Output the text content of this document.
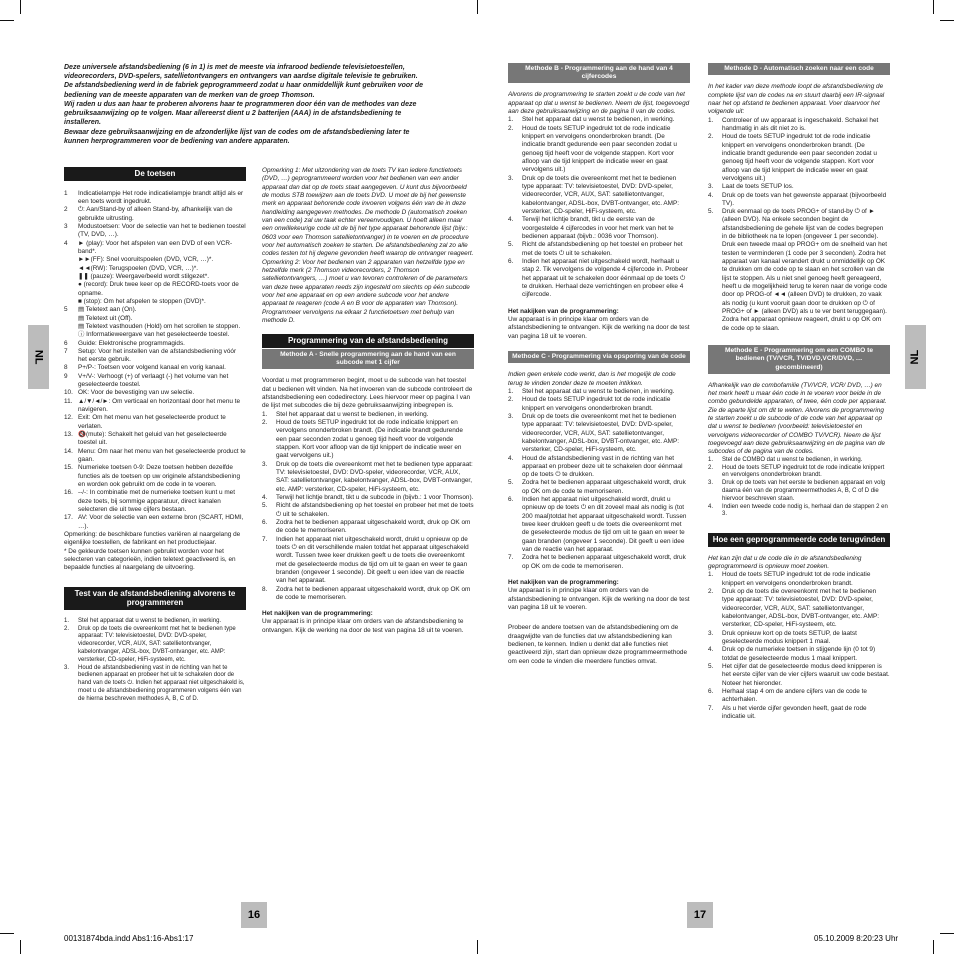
Deze universele afstandsbediening (6 in 1) is met de meeste via infrarood bediende televisietoestellen, videorecorders, DVD-spelers, satellietontvangers en ontvangers van aardse digitale televisie te gebruiken.

De afstandsbediening werd in de fabriek geprogrammeerd zodat u haar onmiddellijk kunt gebruiken voor de bediening van de meeste apparaten van de merken van de groep Thomson.

Wij raden u dus aan haar te proberen alvorens haar te programmeren door één van de methodes van deze gebruiksaanwijzing op te volgen. Maar allereerst dient u 2 batterijen (AAA) in de afstandsbediening te installeren.

Bewaar deze gebruiksaanwijzing en de afzonderlijke lijst van de codes om de afstandsbediening later te kunnen herprogrammeren voor de bediening van andere apparaten.

NL	NL
De toetsen
1	Indicatielampje Het rode indicatielampje brandt altijd als er een toets wordt ingedrukt.
2	⏻: Aan/Stand-by of alleen Stand-by, afhankelijk van de gebruikte uitrusting.
3	Modustoetsen: Voor de selectie van het te bedienen toestel (TV, DVD, …).
4	► (play): Voor het afspelen van een DVD of een VCR-band*.
►►(FF): Snel vooruitspoelen (DVD, VCR, …)*.
◄◄(RW): Terugspoelen (DVD, VCR, …)*.
❚❚ (pauze): Weergave/beeld wordt stilgezet*.
● (record): Druk twee keer op de RECORD-toets voor de opname.
■ (stop): Om het afspelen te stoppen (DVD)*.
5	▤ Teletext aan (On).
▤ Teletext uit (Off).
▤ Teletext vasthouden (Hold) om het scrollen te stoppen.
ⓘ Informatieweergave van het geselecteerde toestel.
6	Guide: Elektronische programmagids.
7	Setup: Voor het instellen van de afstandsbediening vóór het eerste gebruik.
8	P+/P-: Toetsen voor volgend kanaal en vorig kanaal.
9	V+/V-: Verhoogt (+) of verlaagt (-) het volume van het geselecteerde toestel.
10. OK: Voor de bevestiging van uw selectie.
11. ▲/▼/◄/►: Om verticaal en horizontaal door het menu te navigeren.
12. Exit: Om het menu van het geselecteerde product te verlaten.
13. 🔇(mute): Schakelt het geluid van het geselecteerde toestel uit.
14. Menu: Om naar het menu van het geselecteerde product te gaan.
15. Numerieke toetsen 0-9: Deze toetsen hebben dezelfde functies als de toetsen op uw originele afstandsbediening en worden ook gebruikt om de code in te voeren.
16. --/-: In combinatie met de numerieke toetsen kunt u met deze toets, bij sommige apparatuur, direct kanalen selecteren die uit twee cijfers bestaan.
17. AV: Voor de selectie van een externe bron (SCART, HDMI, …).
Opmerking: de beschikbare functies variëren al naargelang de eigenlijke toestellen, de fabrikant en het productiejaar.
* De gekleurde toetsen kunnen gebruikt worden voor het selecteren van categorieën, indien teletext geactiveerd is, en bepaalde functies al naargelang de uitvoering.
Test van de afstandsbediening alvorens te programmeren
1.	Stel het apparaat dat u wenst te bedienen, in werking.
2.	Druk op de toets die overeenkomt met het te bedienen type apparaat: TV: televisietoestel, DVD: DVD-speler, videorecorder, VCR, AUX, SAT: satellietontvanger, kabelontvanger, ADSL-box, DVBT-ontvanger, etc. AMP: versterker, CD-speler, HiFi-systeem, etc.
3.	Houd de afstandsbediening vast in de richting van het te bedienen apparaat en probeer het uit te schakelen door de hand van de toets ⏻. Indien het apparaat niet uitgeschakeld is, moet u de afstandsbediening programmeren volgens één van de hierna beschreven methodes A, B, C of D.
Opmerking 1: Met uitzondering van de toets TV kan iedere functietoets (DVD, …) geprogrammeerd worden voor het bedienen van een ander apparaat dan dat op de toets staat aangegeven. U kunt dus bijvoorbeeld de modus STB toewijzen aan de toets DVD. U moet de bij het gewenste merk en apparaat behorende code invoeren volgens één van de in deze handleiding aangegeven methodes. De methode D (automatisch zoeken van een code) zal uw taak echter vereenvoudigen. U hoeft alleen maar een onwillekeurige code uit de bij het type apparaat behorende lijst (bijv.: 0603 voor een Thomson satellietontvanger) in te voeren en de procedure voor het automatisch zoeken te starten. De afstandsbediening zal zo alle codes testen tot hij degene gevonden heeft waarop de ontvanger reageert.
Opmerking 2: Voor het bedienen van 2 apparaten van hetzelfde type en hetzelfde merk (2 Thomson videorecorders, 2 Thomson satellietontvangers, …) moet u van tevoren controleren of de parameters van deze twee apparaten reeds zijn ingesteld om slechts op één subcode voor het ene apparaat en op een andere subcode voor het andere apparaat te reageren (code A en B voor de apparaten van Thomson). Programmeer vervolgens na elkaar 2 functietoetsen met behulp van methode D.
Programmering van de afstandsbediening
Methode A - Snelle programmering aan de hand van een subcode met 1 cijfer
Voordat u met programmeren begint, moet u de subcode van het toestel dat u bedienen wilt vinden. Na het invoeren van de subcode controleert de afstandsbediening een codedirectory. Lees hiervoor meer op pagina I van de lijst met subcodes die bij deze gebruiksaanwijzing inbegrepen is.
1.	Stel het apparaat dat u wenst te bedienen, in werking.
2.	Houd de toets SETUP ingedrukt tot de rode indicatie knippert en vervolgens ononderbroken brandt. (De indicatie brandt gedurende een paar seconden zodat u genoeg tijd heeft voor de volgende stappen. Kort voor afloop van de tijd knippert de indicatie weer en gaat vervolgens uit.)
3.	Druk op de toets die overeenkomt met het te bedienen type apparaat: TV: televisietoestel, DVD: DVD-speler, videorecorder, VCR, AUX, SAT: satellietontvanger, kabelontvanger, ADSL-box, DVBT-ontvanger, etc. AMP: versterker, CD-speler, HiFi-systeem, etc.
4.	Terwijl het lichtje brandt, tikt u de subcode in (bijvb.: 1 voor Thomson).
5.	Richt de afstandsbediening op het toestel en probeer het met de toets ⏻ uit te schakelen.
6.	Zodra het te bedienen apparaat uitgeschakeld wordt, druk op OK om de code te memoriseren.
7.	Indien het apparaat niet uitgeschakeld wordt, drukt u opnieuw op de toets ⏻ en dit verschillende malen totdat het apparaat uitgeschakeld wordt. Tussen twee keer drukken geeft u de toets die overeenkomt met de geselecteerde modus de tijd om uit te gaan en weer te gaan branden (ongeveer 1 seconde). Dit geeft u een idee van de reactie van het apparaat.
8.	Zodra het te bedienen apparaat uitgeschakeld wordt, druk op OK om de code te memoriseren.
Het nakijken van de programmering:
Uw apparaat is in principe klaar om orders van de afstandsbediening te ontvangen. Kijk de werking na door de test van pagina 18 uit te voeren.
Methode B - Programmering aan de hand van 4 cijfercodes
Alvorens de programmering te starten zoekt u de code van het apparaat op dat u wenst te bedienen. Neem de lijst, toegevoegd aan deze gebruiksaanwijzing en de pagina II van de codes.
1.	Stel het apparaat dat u wenst te bedienen, in werking.
2.	Houd de toets SETUP ingedrukt tot de rode indicatie knippert en vervolgens ononderbroken brandt. (De indicatie brandt gedurende een paar seconden zodat u genoeg tijd heeft voor de volgende stappen. Kort voor afloop van de tijd knippert de indicatie weer en gaat vervolgens uit.)
3.	Druk op de toets die overeenkomt met het te bedienen type apparaat: TV: televisietoestel, DVD: DVD-speler, videorecorder, VCR, AUX, SAT: satellietontvanger, kabelontvanger, ADSL-box, DVBT-ontvanger, etc. AMP: versterker, CD-speler, HiFi-systeem, etc.
4.	Terwijl het lichtje brandt, tikt u de eerste van de voorgestelde 4 cijfercodes in voor het merk van het te bedienen apparaat (bijvb.: 0036 voor Thomson).
5.	Richt de afstandsbediening op het toestel en probeer het met de toets ⏻ uit te schakelen.
6.	Indien het apparaat niet uitgeschakeld wordt, herhaalt u stap 2. Tik vervolgens de volgende 4 cijfercode in. Probeer het apparaat uit te schakelen door éénmaal op de toets ⏻ te drukken. Herhaal deze verrichtingen en probeer elke 4 cijfercode.
Het nakijken van de programmering:
Uw apparaat is in principe klaar om orders van de afstandsbediening te ontvangen. Kijk de werking na door de test van pagina 18 uit te voeren.
Methode C - Programmering via opsporing van de code
Indien geen enkele code werkt, dan is het mogelijk de code terug te vinden zonder deze te moeten intikken.
1.	Stel het apparaat dat u wenst te bedienen, in werking.
2.	Houd de toets SETUP ingedrukt tot de rode indicatie knippert en vervolgens ononderbroken brandt.
3.	Druk op de toets die overeenkomt met het te bedienen type apparaat: TV: televisietoestel, DVD: DVD-speler, videorecorder, VCR, AUX, SAT: satellietontvanger, kabelontvanger, ADSL-box, DVBT-ontvanger, etc. AMP: versterker, CD-speler, HiFi-systeem, etc.
4.	Houd de afstandsbediening vast in de richting van het apparaat en probeer deze uit te schakelen door éénmaal op de toets ⏻ te drukken.
5.	Zodra het te bedienen apparaat uitgeschakeld wordt, druk op OK om de code te memoriseren.
6.	Indien het apparaat niet uitgeschakeld wordt, drukt u opnieuw op de toets ⏻ en dit zoveel maal als nodig is (tot 200 maal)totdat het apparaat uitgeschakeld wordt. Tussen twee keer drukken geeft u de toets die overeenkomt met de geselecteerde modus de tijd om uit te gaan en weer te gaan branden (ongeveer 1 seconde). Dit geeft u een idee van de reactie van het apparaat.
7.	Zodra het te bedienen apparaat uitgeschakeld wordt, druk op OK om de code te memoriseren.
Het nakijken van de programmering:
Uw apparaat is in principe klaar om orders van de afstandsbediening te ontvangen. Kijk de werking na door de test van pagina 18 uit te voeren.
Probeer de andere toetsen van de afstandsbediening om de draagwijdte van de functies dat uw afstandsbediening kan bedienen, te kennen. Indien u denkt dat alle functies niet geactiveerd zijn, start dan opnieuw deze programmeermethode om een code te vinden die meerdere functies omvat.
Methode D - Automatisch zoeken naar een code
In het kader van deze methode loopt de afstandsbediening de complete lijst van de codes na en stuurt daarbij een IR-signaal naar het op afstand te bedienen apparaat. Voer daarvoor het volgende uit:
1.	Controleer of uw apparaat is ingeschakeld. Schakel het handmatig in als dit niet zo is.
2.	Houd de toets SETUP ingedrukt tot de rode indicatie knippert en vervolgens ononderbroken brandt. (De indicatie brandt gedurende een paar seconden zodat u genoeg tijd heeft voor de volgende stappen. Kort voor afloop van de tijd knippert de indicatie weer en gaat vervolgens uit.)
3.	Laat de toets SETUP los.
4.	Druk op de toets van het gewenste apparaat (bijvoorbeeld TV).
5.	Druk eenmaal op de toets PROG+ of stand-by ⏻ of ► (alleen DVD). Na enkele seconden begint de afstandsbediening de gehele lijst van de codes begrepen in de bibliotheek na te lopen (ongeveer 1 per seconde). Druk een tweede maal op PROG+ om de snelheid van het testen te verminderen (1 code per 3 seconden). Zodra het apparaat van kanaal verandert drukt u onmiddellijk op OK te drukken om de code op te slaan en het scrollen van de lijst te stoppen. Als u niet snel genoeg heeft gereageerd, heeft u de mogelijkheid terug te keren naar de vorige code door op PROG-of ◄◄ (alleen DVD) te drukken, zo vaak als nodig (u kunt vooruit gaan door te drukken op ⏻ of PROG+ of ► (alleen DVD) als u te ver bent teruggegaan). Zodra het apparaat opnieuw reageert, drukt u op OK om de code op te slaan.
Methode E - Programmering om een COMBO te bedienen (TV/VCR, TV/DVD,VCR/DVD, … gecombineerd)
Afhankelijk van de combofamilie (TV/VCR, VCR/ DVD, …) en het merk heeft u maar één code in te voeren voor beide in de combo gebundelde apparaten, of twee, één code per apparaat. Zie de aparte lijst om dit te weten. Alvorens de programmering te starten zoekt u de subcode of de code van het apparaat op dat u wenst te bedienen (voorbeeld: televisietoestel en vervolgens videorecorder of COMBO TV/VCR). Neem de lijst toegevoegd aan deze gebruiksaanwijzing en de pagina van de subcodes of de pagina van de codes.
1.	Stel de COMBO dat u wenst te bedienen, in werking.
2.	Houd de toets SETUP ingedrukt tot de rode indicatie knippert en vervolgens ononderbroken brandt.
3.	Druk op de toets van het eerste te bedienen apparaat en volg daarna één van de programmeermethodes A, B, C of D die hiervoor beschreven staan.
4.	Indien een tweede code nodig is, herhaal dan de stappen 2 en 3.
Hoe een geprogrammeerde code terugvinden
Het kan zijn dat u de code die in de afstandsbediening geprogrammeerd is opnieuw moet zoeken.
1.	Houd de toets SETUP ingedrukt tot de rode indicatie knippert en vervolgens ononderbroken brandt.
2.	Druk op de toets die overeenkomt met het te bedienen type apparaat: TV: televisietoestel, DVD: DVD-speler, videorecorder, VCR, AUX, SAT: satellietontvanger, kabelontvanger, ADSL-box, DVBT-ontvanger, etc. AMP: versterker, CD-speler, HiFi-systeem, etc.
3.	Druk opnieuw kort op de toets SETUP, de laatst geselecteerde modus knippert 1 maal.
4.	Druk op de numerieke toetsen in stijgende lijn (0 tot 9) totdat de geselecteerde modus 1 maal knippert.
5.	Het cijfer dat de geselecteerde modus deed knipperen is het eerste cijfer van de vier cijfers waaruit uw code bestaat. Noteer het hieronder.
6.	Herhaal stap 4 om de andere cijfers van de code te achterhalen.
7.	Als u het vierde cijfer gevonden heeft, gaat de rode indicatie uit.
16	17
00131874bda.indd Abs1:16-Abs1:17	05.10.2009 8:20:23 Uhr
